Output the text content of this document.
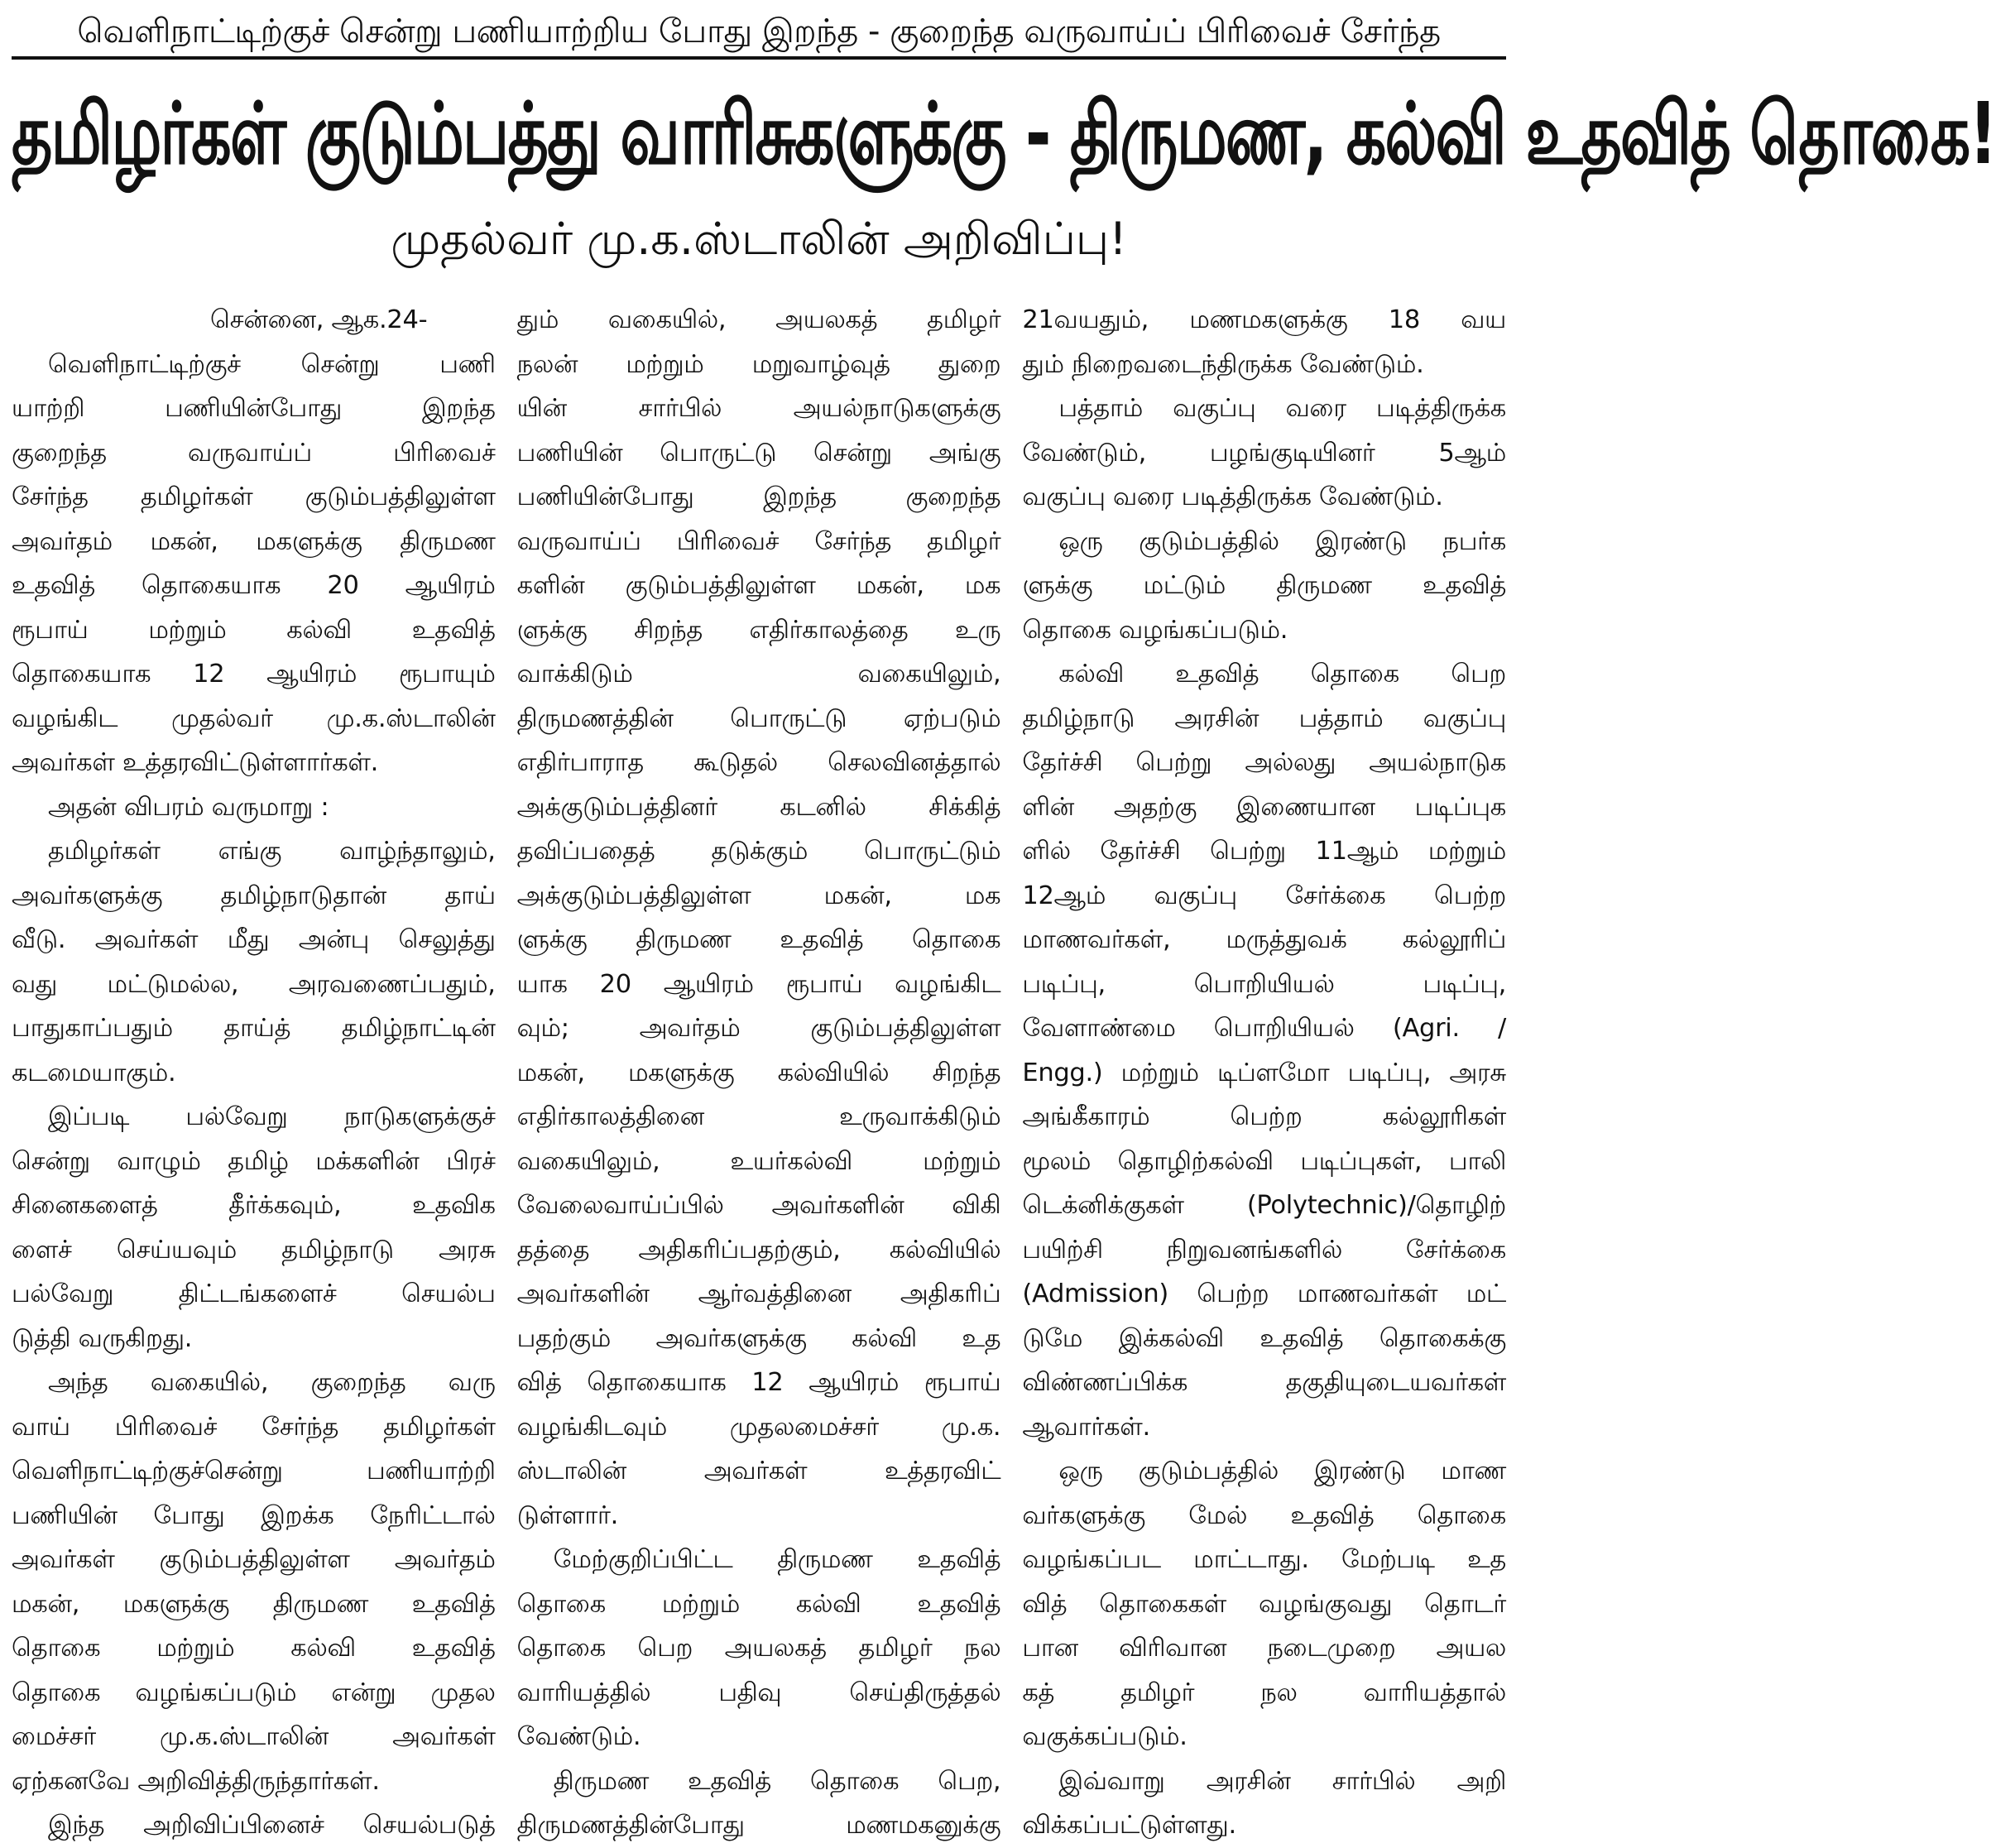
வெளிநாட்டிற்குச் சென்று பணியாற்றிய போது இறந்த - குறைந்த வருவாய்ப் பிரிவைச் சேர்ந்த
தமிழர்கள் குடும்பத்து வாரிசுகளுக்கு - திருமண, கல்வி உதவித் தொகை!
முதல்வர் மு.க.ஸ்டாலின் அறிவிப்பு!
சென்னை, ஆக.24-
வெளிநாட்டிற்குச் சென்று பணி
யாற்றி பணியின்போது இறந்த
குறைந்த வருவாய்ப் பிரிவைச்
சேர்ந்த தமிழர்கள் குடும்பத்திலுள்ள
அவர்தம் மகன், மகளுக்கு திருமண
உதவித் தொகையாக 20 ஆயிரம்
ரூபாய் மற்றும் கல்வி உதவித்
தொகையாக 12 ஆயிரம் ரூபாயும்
வழங்கிட முதல்வர் மு.க.ஸ்டாலின்
அவர்கள் உத்தரவிட்டுள்ளார்கள்.
அதன் விபரம் வருமாறு :
தமிழர்கள் எங்கு வாழ்ந்தாலும்,
அவர்களுக்கு தமிழ்நாடுதான் தாய்
வீடு. அவர்கள் மீது அன்பு செலுத்து
வது மட்டுமல்ல, அரவணைப்பதும்,
பாதுகாப்பதும் தாய்த் தமிழ்நாட்டின்
கடமையாகும்.
இப்படி பல்வேறு நாடுகளுக்குச்
சென்று வாழும் தமிழ் மக்களின் பிரச்
சினைகளைத் தீர்க்கவும், உதவிக
ளைச் செய்யவும் தமிழ்நாடு அரசு
பல்வேறு திட்டங்களைச் செயல்ப
டுத்தி வருகிறது.
அந்த வகையில், குறைந்த வரு
வாய் பிரிவைச் சேர்ந்த தமிழர்கள்
வெளிநாட்டிற்குச்சென்று பணியாற்றி
பணியின் போது இறக்க நேரிட்டால்
அவர்கள் குடும்பத்திலுள்ள அவர்தம்
மகன், மகளுக்கு திருமண உதவித்
தொகை மற்றும் கல்வி உதவித்
தொகை வழங்கப்படும் என்று முதல
மைச்சர் மு.க.ஸ்டாலின் அவர்கள்
ஏற்கனவே அறிவித்திருந்தார்கள்.
இந்த அறிவிப்பினைச் செயல்படுத்
தும் வகையில், அயலகத் தமிழர்
நலன் மற்றும் மறுவாழ்வுத் துறை
யின் சார்பில் அயல்நாடுகளுக்கு
பணியின் பொருட்டு சென்று அங்கு
பணியின்போது இறந்த குறைந்த
வருவாய்ப் பிரிவைச் சேர்ந்த தமிழர்
களின் குடும்பத்திலுள்ள மகன், மக
ளுக்கு சிறந்த எதிர்காலத்தை உரு
வாக்கிடும் வகையிலும்,
திருமணத்தின் பொருட்டு ஏற்படும்
எதிர்பாராத கூடுதல் செலவினத்தால்
அக்குடும்பத்தினர் கடனில் சிக்கித்
தவிப்பதைத் தடுக்கும் பொருட்டும்
அக்குடும்பத்திலுள்ள மகன், மக
ளுக்கு திருமண உதவித் தொகை
யாக 20 ஆயிரம் ரூபாய் வழங்கிட
வும்; அவர்தம் குடும்பத்திலுள்ள
மகன், மகளுக்கு கல்வியில் சிறந்த
எதிர்காலத்தினை உருவாக்கிடும்
வகையிலும், உயர்கல்வி மற்றும்
வேலைவாய்ப்பில் அவர்களின் விகி
தத்தை அதிகரிப்பதற்கும், கல்வியில்
அவர்களின் ஆர்வத்தினை அதிகரிப்
பதற்கும் அவர்களுக்கு கல்வி உத
வித் தொகையாக 12 ஆயிரம் ரூபாய்
வழங்கிடவும் முதலமைச்சர் மு.க.
ஸ்டாலின் அவர்கள் உத்தரவிட்
டுள்ளார்.
மேற்குறிப்பிட்ட திருமண உதவித்
தொகை மற்றும் கல்வி உதவித்
தொகை பெற அயலகத் தமிழர் நல
வாரியத்தில் பதிவு செய்திருத்தல்
வேண்டும்.
திருமண உதவித் தொகை பெற,
திருமணத்தின்போது மணமகனுக்கு
21வயதும், மணமகளுக்கு 18 வய
தும் நிறைவடைந்திருக்க வேண்டும்.
பத்தாம் வகுப்பு வரை படித்திருக்க
வேண்டும், பழங்குடியினர் 5ஆம்
வகுப்பு வரை படித்திருக்க வேண்டும்.
ஒரு குடும்பத்தில் இரண்டு நபர்க
ளுக்கு மட்டும் திருமண உதவித்
தொகை வழங்கப்படும்.
கல்வி உதவித் தொகை பெற
தமிழ்நாடு அரசின் பத்தாம் வகுப்பு
தேர்ச்சி பெற்று அல்லது அயல்நாடுக
ளின் அதற்கு இணையான படிப்புக
ளில் தேர்ச்சி பெற்று 11ஆம் மற்றும்
12ஆம் வகுப்பு சேர்க்கை பெற்ற
மாணவர்கள், மருத்துவக் கல்லூரிப்
படிப்பு, பொறியியல் படிப்பு,
வேளாண்மை பொறியியல் (Agri. /
Engg.) மற்றும் டிப்ளமோ படிப்பு, அரசு
அங்கீகாரம் பெற்ற கல்லூரிகள்
மூலம் தொழிற்கல்வி படிப்புகள், பாலி
டெக்னிக்குகள் (Polytechnic)/தொழிற்
பயிற்சி நிறுவனங்களில் சேர்க்கை
(Admission) பெற்ற மாணவர்கள் மட்
டுமே இக்கல்வி உதவித் தொகைக்கு
விண்ணப்பிக்க தகுதியுடையவர்கள்
ஆவார்கள்.
ஒரு குடும்பத்தில் இரண்டு மாண
வர்களுக்கு மேல் உதவித் தொகை
வழங்கப்பட மாட்டாது. மேற்படி உத
வித் தொகைகள் வழங்குவது தொடர்
பான விரிவான நடைமுறை அயல
கத் தமிழர் நல வாரியத்தால்
வகுக்கப்படும்.
இவ்வாறு அரசின் சார்பில் அறி
விக்கப்பட்டுள்ளது.
